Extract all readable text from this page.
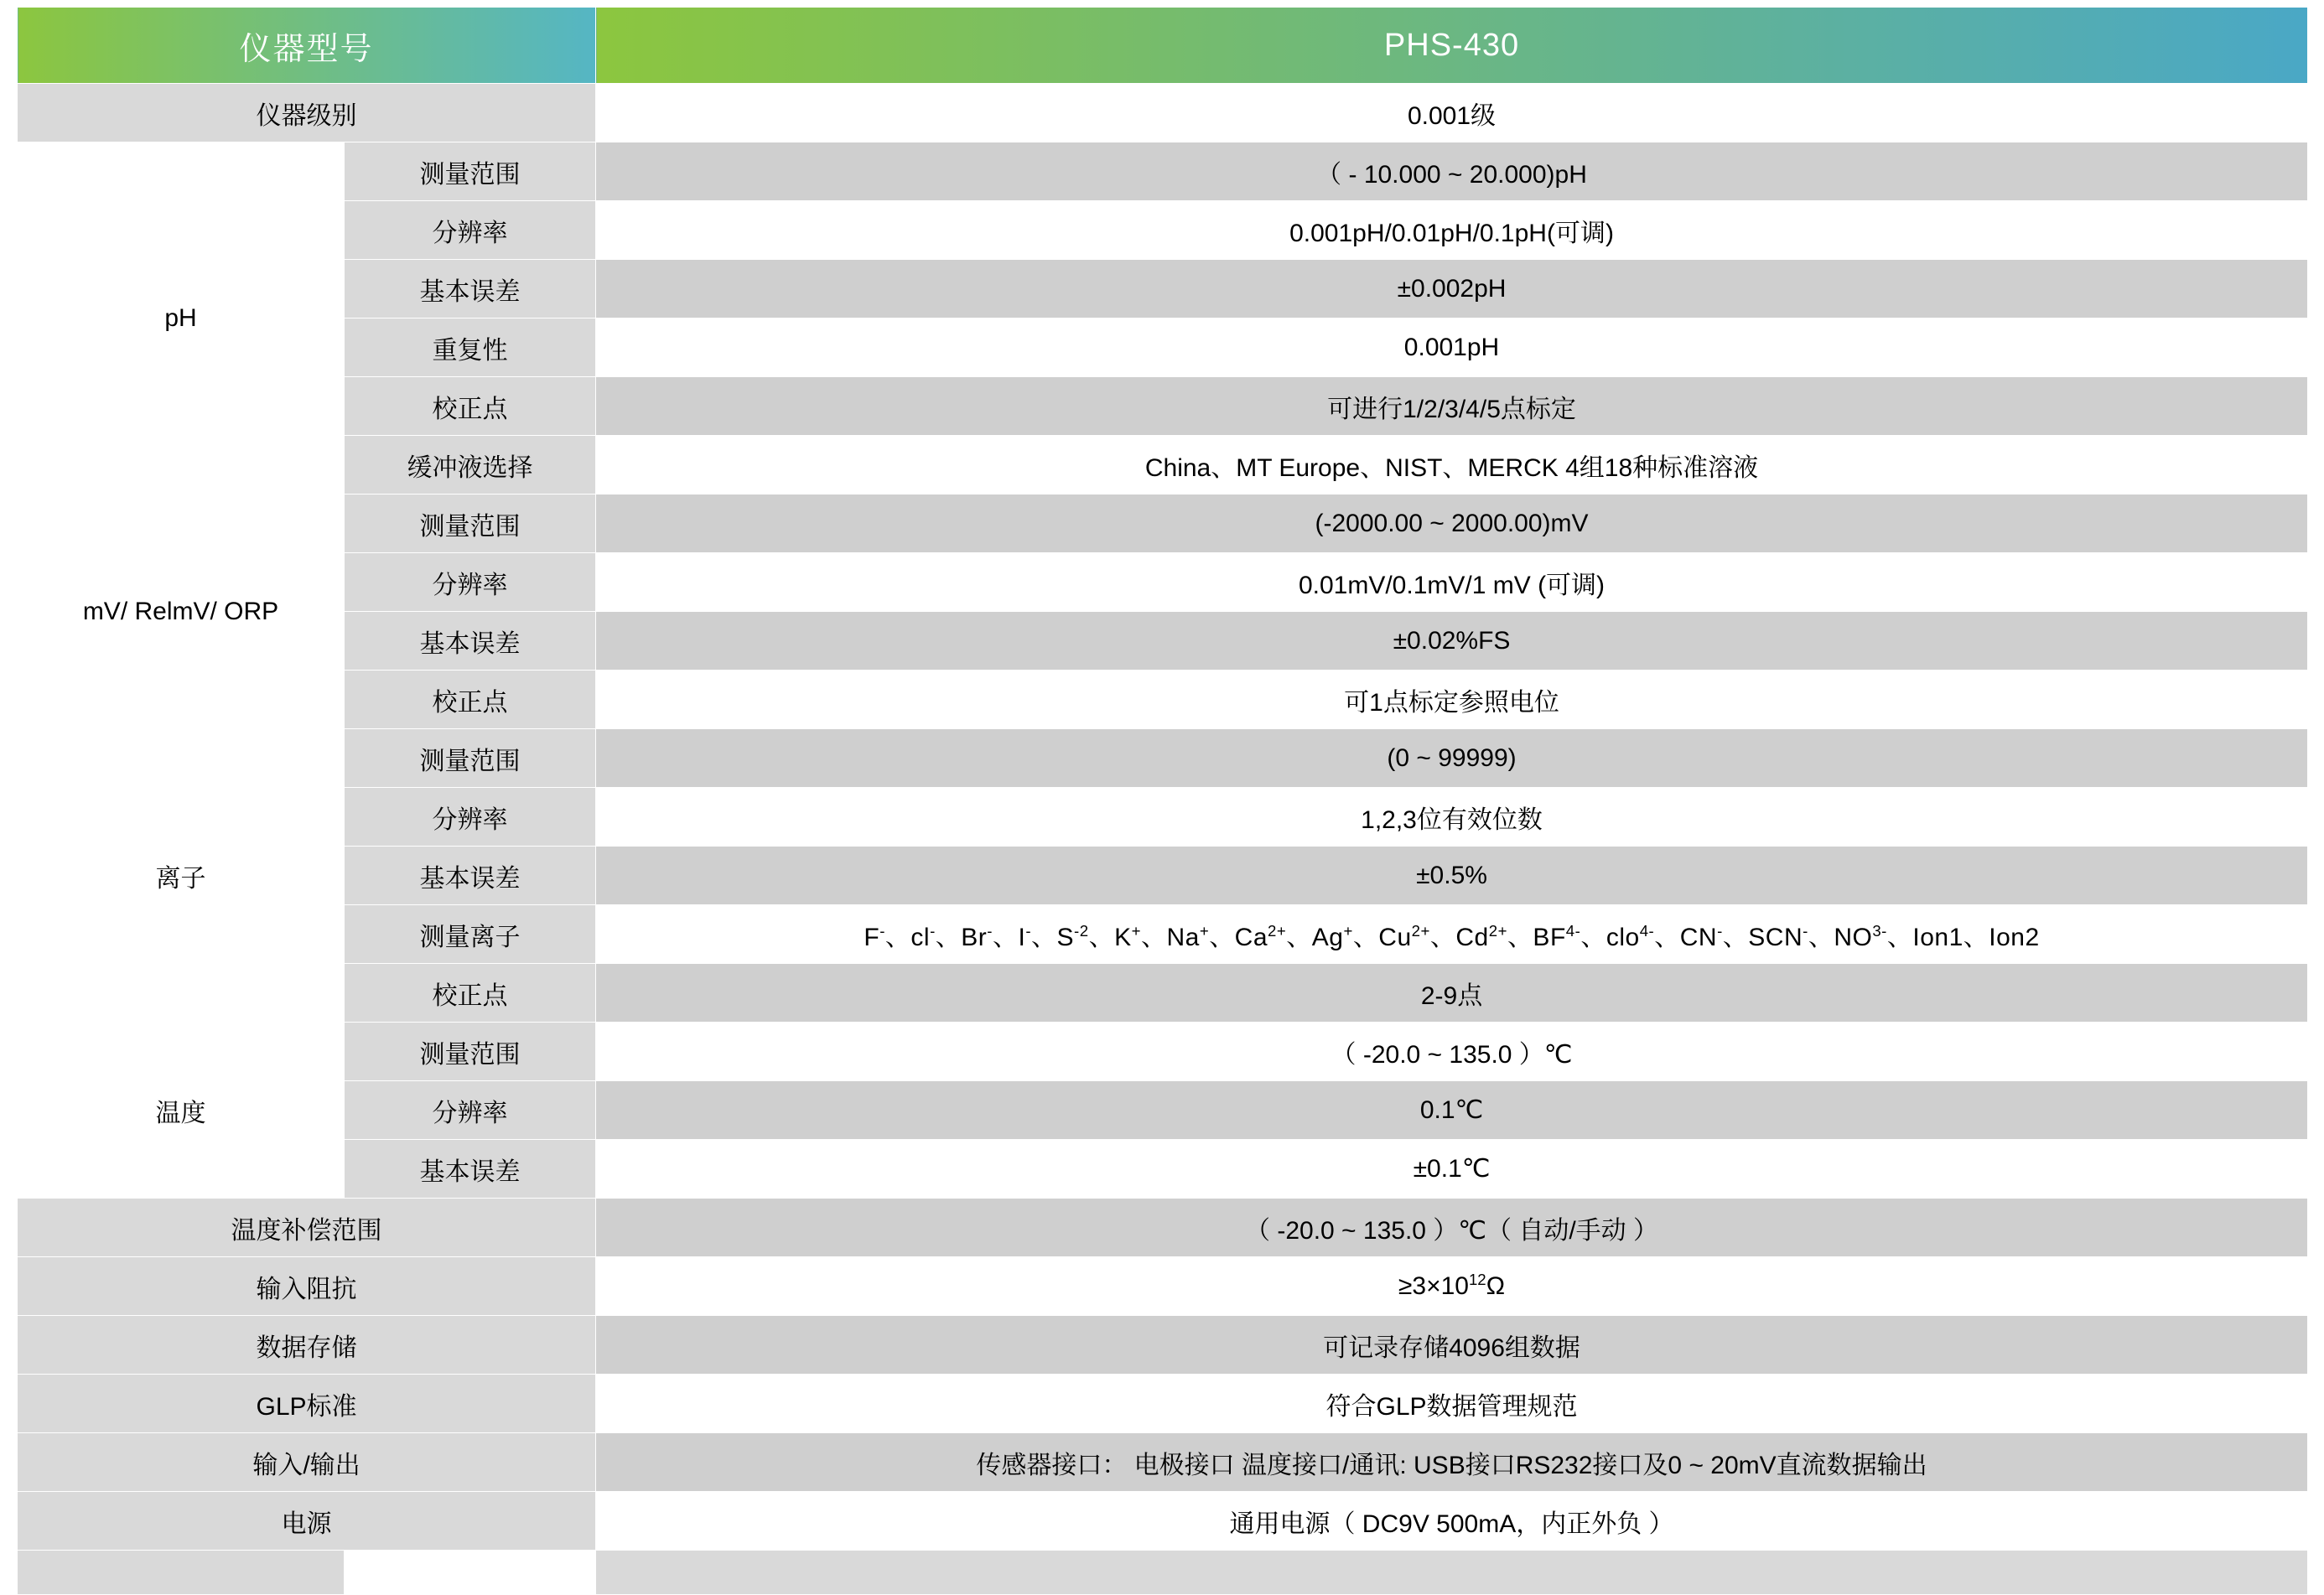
仪器型号		PHS-430
仪器级别		0.001级
pH	测量范围	（ - 10.000 ~ 20.000)pH
	分辨率	0.001pH/0.01pH/0.1pH(可调)
	基本误差	±0.002pH
	重复性	0.001pH
	校正点	可进行1/2/3/4/5点标定
	缓冲液选择	China、MT Europe、NIST、MERCK 4组18种标准溶液
mV/ RelmV/ ORP	测量范围	(-2000.00 ~ 2000.00)mV
	分辨率	0.01mV/0.1mV/1 mV (可调)
	基本误差	±0.02%FS
	校正点	可1点标定参照电位
离子	测量范围	(0 ~ 99999)
	分辨率	1,2,3位有效位数
	基本误差	±0.5%
	测量离子	F-、cl-、Br-、I-、$S^{-2}$、K+、Na+、$Ca^{2+}$、Ag+、$Cu^{2+}$、$Cd^{2+}$、$BF^{4-}$、clo$^{4-}$、CN-、SCN-、$NO^{3-}$、Ion1、Ion2
	校正点	2-9点
温度	测量范围	（ -20.0 ~ 135.0 ）℃
	分辨率	0.1℃
	基本误差	±0.1℃
温度补偿范围		（ -20.0 ~ 135.0 ）℃（ 自动/手动 ）
输入阻抗		$\ge 3\times 10^{12}\Omega$
数据存储		可记录存储4096组数据
GLP标准		符合GLP数据管理规范
输入/输出		传感器接口： 电极接口 温度接口/通讯: USB接口RS232接口及0 ~ 20mV直流数据输出
电源		通用电源（ DC9V 500mA，内正外负 ）
